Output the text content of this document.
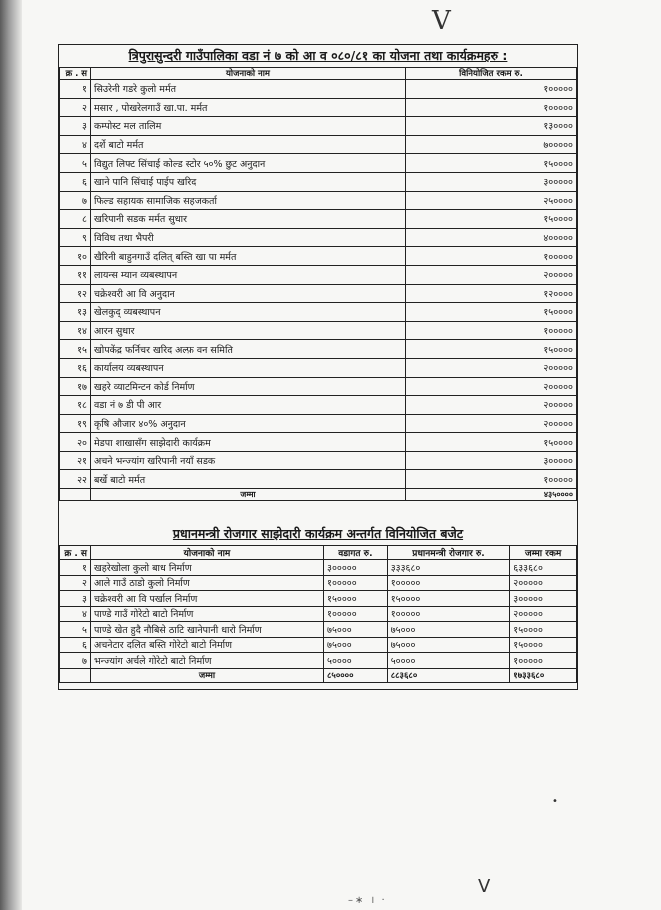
V
त्रिपुरासुन्दरी गाउँपालिका वडा नं ७ को आ व ०८०/८१ का योजना तथा कार्यक्रमहरु :
क्र . स	योजनाको नाम	विनियोजित रकम रु.
१	सिउरेनी गडरे कुलो मर्मत	१०००००
२	मसार , पोखरेलगाउँ खा.पा. मर्मत	१०००००
३	कम्पोस्ट मल तालिम	१३००००
४	दर्शे बाटो मर्मत	७०००००
५	विद्युत लिफ्ट सिंचाई कोल्ड स्टोर ५०% छुट अनुदान	१५००००
६	खाने पानि सिंचाई पाईप खरिद	३०००००
७	फिल्ड सहायक सामाजिक सहजकर्ता	२५००००
८	खरिपानी सडक मर्मत सुधार	१५००००
९	विविध तथा भैपरी	४०००००
१०	खैरिनी बाहुनगाउँ दलित् बस्ति खा पा मर्मत	१०००००
११	लायन्स म्यान व्यबस्थापन	२०००००
१२	चक्रेश्वरी आ वि अनुदान	१२००००
१३	खेलकुद् व्यबस्थापन	१५००००
१४	आरन सुधार	१०००००
१५	खोपकेंद्र फर्निचर खरिद अल्फ़ वन समिति	१५००००
१६	कार्यालय व्यबस्थापन	२०००००
१७	खहरे व्याटमिन्टन कोर्ड निर्माण	२०००००
१८	वडा नं ७ डी पी आर	२०००००
१९	कृषि औजार ४०% अनुदान	२०००००
२०	मेडपा शाखासँग साझेदारी कार्यक्रम	१५००००
२१	अचने भन्ज्यांग खरिपानी नयाँ सडक	३०००००
२२	बर्खे बाटो मर्मत	१०००००
	जम्मा	४३५००००
प्रधानमन्त्री रोजगार साझेदारी कार्यक्रम अन्तर्गत विनियोजित बजेट
क्र . स	योजनाको नाम	वडागत रु.	प्रधानमन्त्री रोजगार रु.	जम्मा रकम
१	खहरेखोला कुलो बाध निर्माण	३०००००	३३३६८०	६३३६८०
२	आले गाउँ ठाडो कुलो निर्माण	१०००००	१०००००	२०००००
३	चक्रेश्वरी आ वि पर्खाल निर्माण	१५००००	१५००००	३०००००
४	पाण्डे गाउँ गोरेटो बाटो निर्माण	१०००००	१०००००	२०००००
५	पाण्डे खेत हुदै नौबिसे ठाटि खानेपानी धारो निर्माण	७५०००	७५०००	१५००००
६	अचनेटार दलित बस्ति गोरेटो बाटो निर्माण	७५०००	७५०००	१५००००
७	भन्ज्यांग अर्चले गोरेटो बाटो निर्माण	५००००	५००००	१०००००
	जम्मा	८५००००	८८३६८०	१७३३६८०
•
–∗ । ·
V
